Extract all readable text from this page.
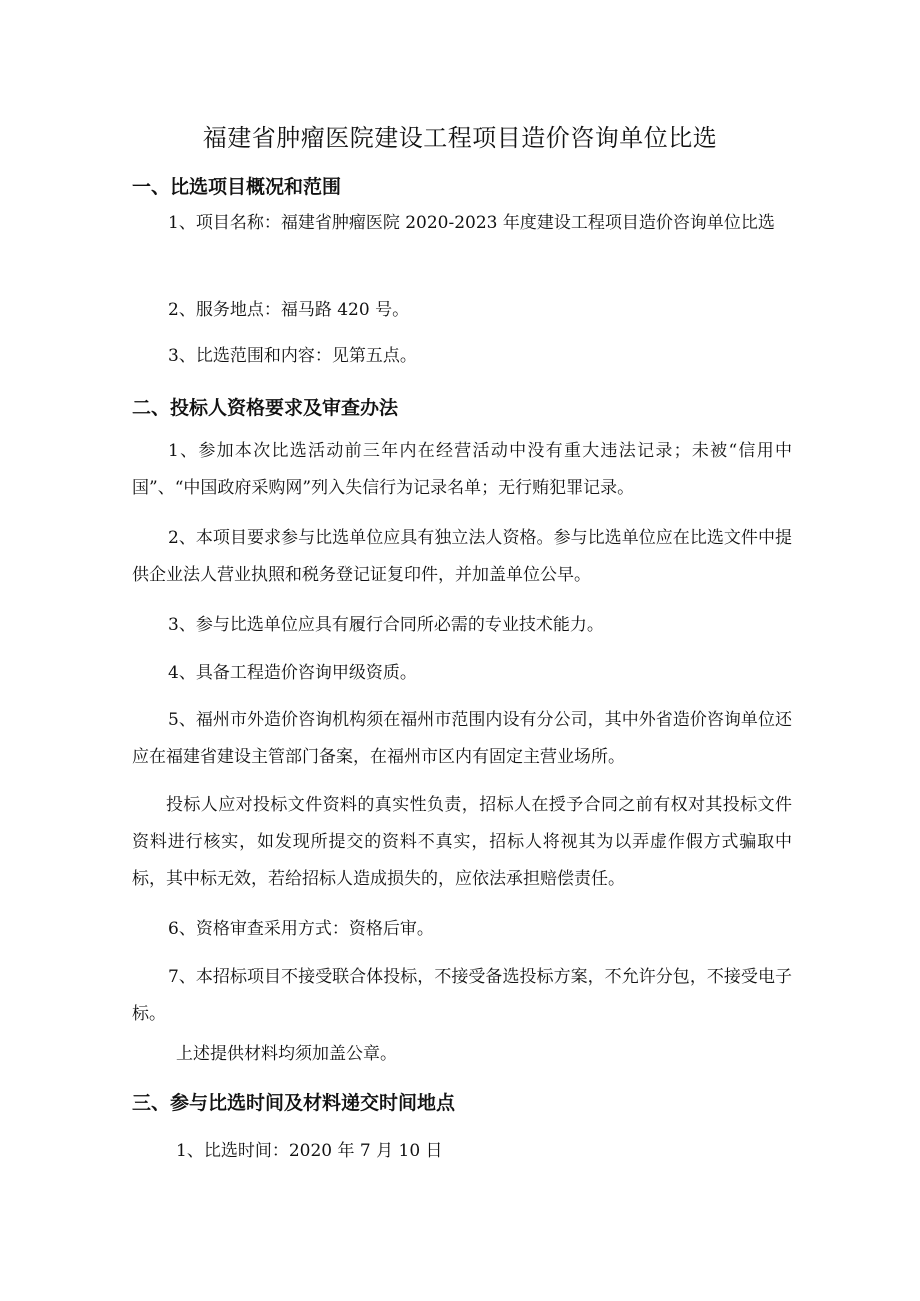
福建省肿瘤医院建设工程项目造价咨询单位比选
一、比选项目概况和范围
1、项目名称：福建省肿瘤医院 2020-2023 年度建设工程项目造价咨询单位比选
2、服务地点：福马路 420 号。
3、比选范围和内容：见第五点。
二、投标人资格要求及审查办法
1、参加本次比选活动前三年内在经营活动中没有重大违法记录；未被“信用中国”、“中国政府采购网”列入失信行为记录名单；无行贿犯罪记录。
2、本项目要求参与比选单位应具有独立法人资格。参与比选单位应在比选文件中提供企业法人营业执照和税务登记证复印件，并加盖单位公早。
3、参与比选单位应具有履行合同所必需的专业技术能力。
4、具备工程造价咨询甲级资质。
5、福州市外造价咨询机构须在福州市范围内设有分公司，其中外省造价咨询单位还应在福建省建设主管部门备案，在福州市区内有固定主营业场所。
投标人应对投标文件资料的真实性负责，招标人在授予合同之前有权对其投标文件资料进行核实，如发现所提交的资料不真实，招标人将视其为以弄虚作假方式骗取中标，其中标无效，若给招标人造成损失的，应依法承担赔偿责任。
6、资格审查采用方式：资格后审。
7、本招标项目不接受联合体投标，不接受备选投标方案，不允许分包，不接受电子标。
上述提供材料均须加盖公章。
三、参与比选时间及材料递交时间地点
1、比选时间：2020 年 7 月 10 日
